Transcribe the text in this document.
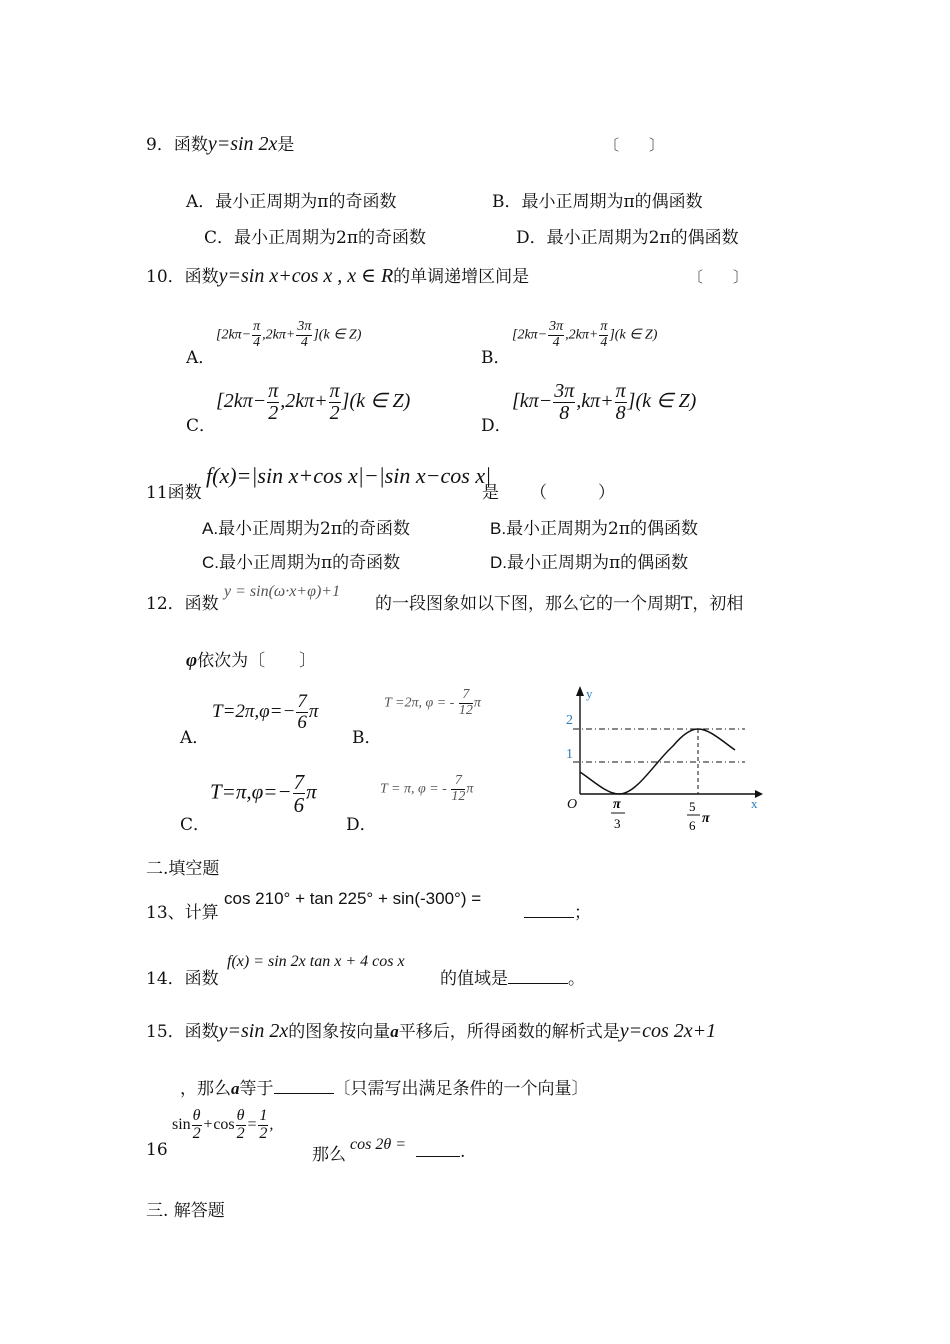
9．函数y=sin 2x是	〔　　〕
A．最小正周期为π的奇函数	B．最小正周期为π的偶函数
C．最小正周期为2π的奇函数	D．最小正周期为2π的偶函数
10．函数y=sin x+cos x , x ∈ R的单调递增区间是	〔　　〕
A．
$[2k\pi- \frac{\pi}{4} ,2k\pi+ \frac{3\pi}{4} ](k$ ∈ Z)
B．
$[2k\pi- \frac{3\pi}{4} ,2k\pi+ \frac{\pi}{4} ](k$ ∈ Z)
C．
$[2k\pi- \frac{\pi}{2} ,2k\pi+ \frac{\pi}{2} ](k$ ∈ Z)
D．
$[k\pi- \frac{3\pi}{8} ,k\pi+ \frac{\pi}{8} ](k$ ∈ Z)
11函数
f(x)=|sin x+cos x|−|sin x−cos x|
是 （　　　）
A.最小正周期为2π的奇函数	B.最小正周期为2π的偶函数
C.最小正周期为π的奇函数	D.最小正周期为π的偶函数
12．函数
y = sin(ω·x+φ)+1
的一段图象如以下图，那么它的一个周期T，初相
φ依次为〔　　〕
A．
$T=2\pi,\varphi=- \frac{7}{6}$ π
B．
T =2π, φ = - $\frac{7}{12}$ π
C．
$T=\pi,\varphi=- \frac{7}{6}$ π
D．
T = π, φ = - $\frac{7}{12}$ π
y
x
O
2
1
π
3
5
6 π
二.填空题
13、计算
cos 210° + tan 225° + sin(-300°) =
；
14．函数
f(x) = sin 2x tan x + 4 cos x
的值域是	。
15．函数y=sin 2x的图象按向量a平移后，所得函数的解析式是y=cos 2x+1
，那么a等于	〔只需写出满足条件的一个向量〕
16
$\sin \frac{\theta}{2} +\cos \frac{\theta}{2} = \frac{1}{2}$ ,
那么
cos 2θ =	.
三. 解答题
